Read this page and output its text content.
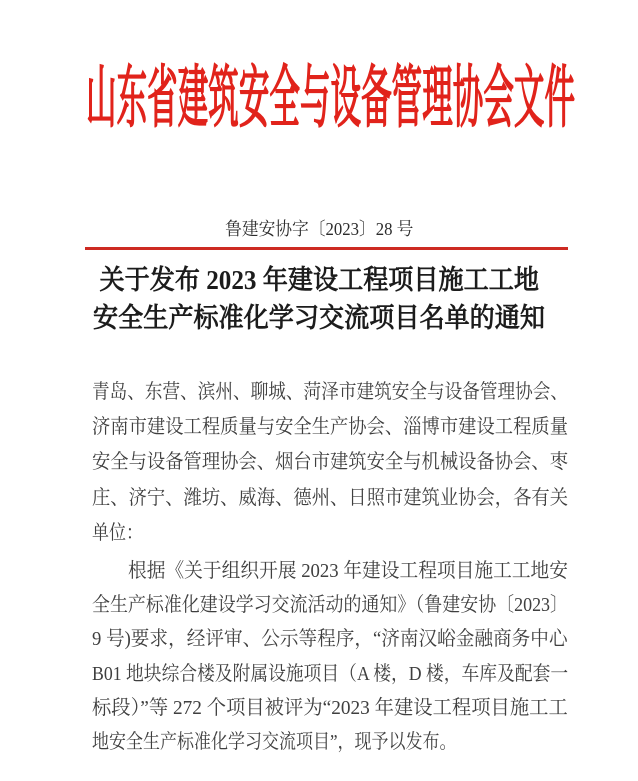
山东省建筑安全与设备管理协会文件
鲁建安协字〔2023〕28 号
关于发布 2023 年建设工程项目施工工地
安全生产标准化学习交流项目名单的通知
青岛、东营、滨州、聊城、菏泽市建筑安全与设备管理协会、
济南市建设工程质量与安全生产协会、淄博市建设工程质量
安全与设备管理协会、烟台市建筑安全与机械设备协会、枣
庄、济宁、潍坊、威海、德州、日照市建筑业协会，各有关
单位：
根据《关于组织开展 2023 年建设工程项目施工工地安
全生产标准化建设学习交流活动的通知》（鲁建安协〔2023〕
9 号)要求，经评审、公示等程序，“济南汉峪金融商务中心
B01 地块综合楼及附属设施项目（A 楼，D 楼，车库及配套一
标段）”等 272 个项目被评为“2023 年建设工程项目施工工
地安全生产标准化学习交流项目”，现予以发布。
